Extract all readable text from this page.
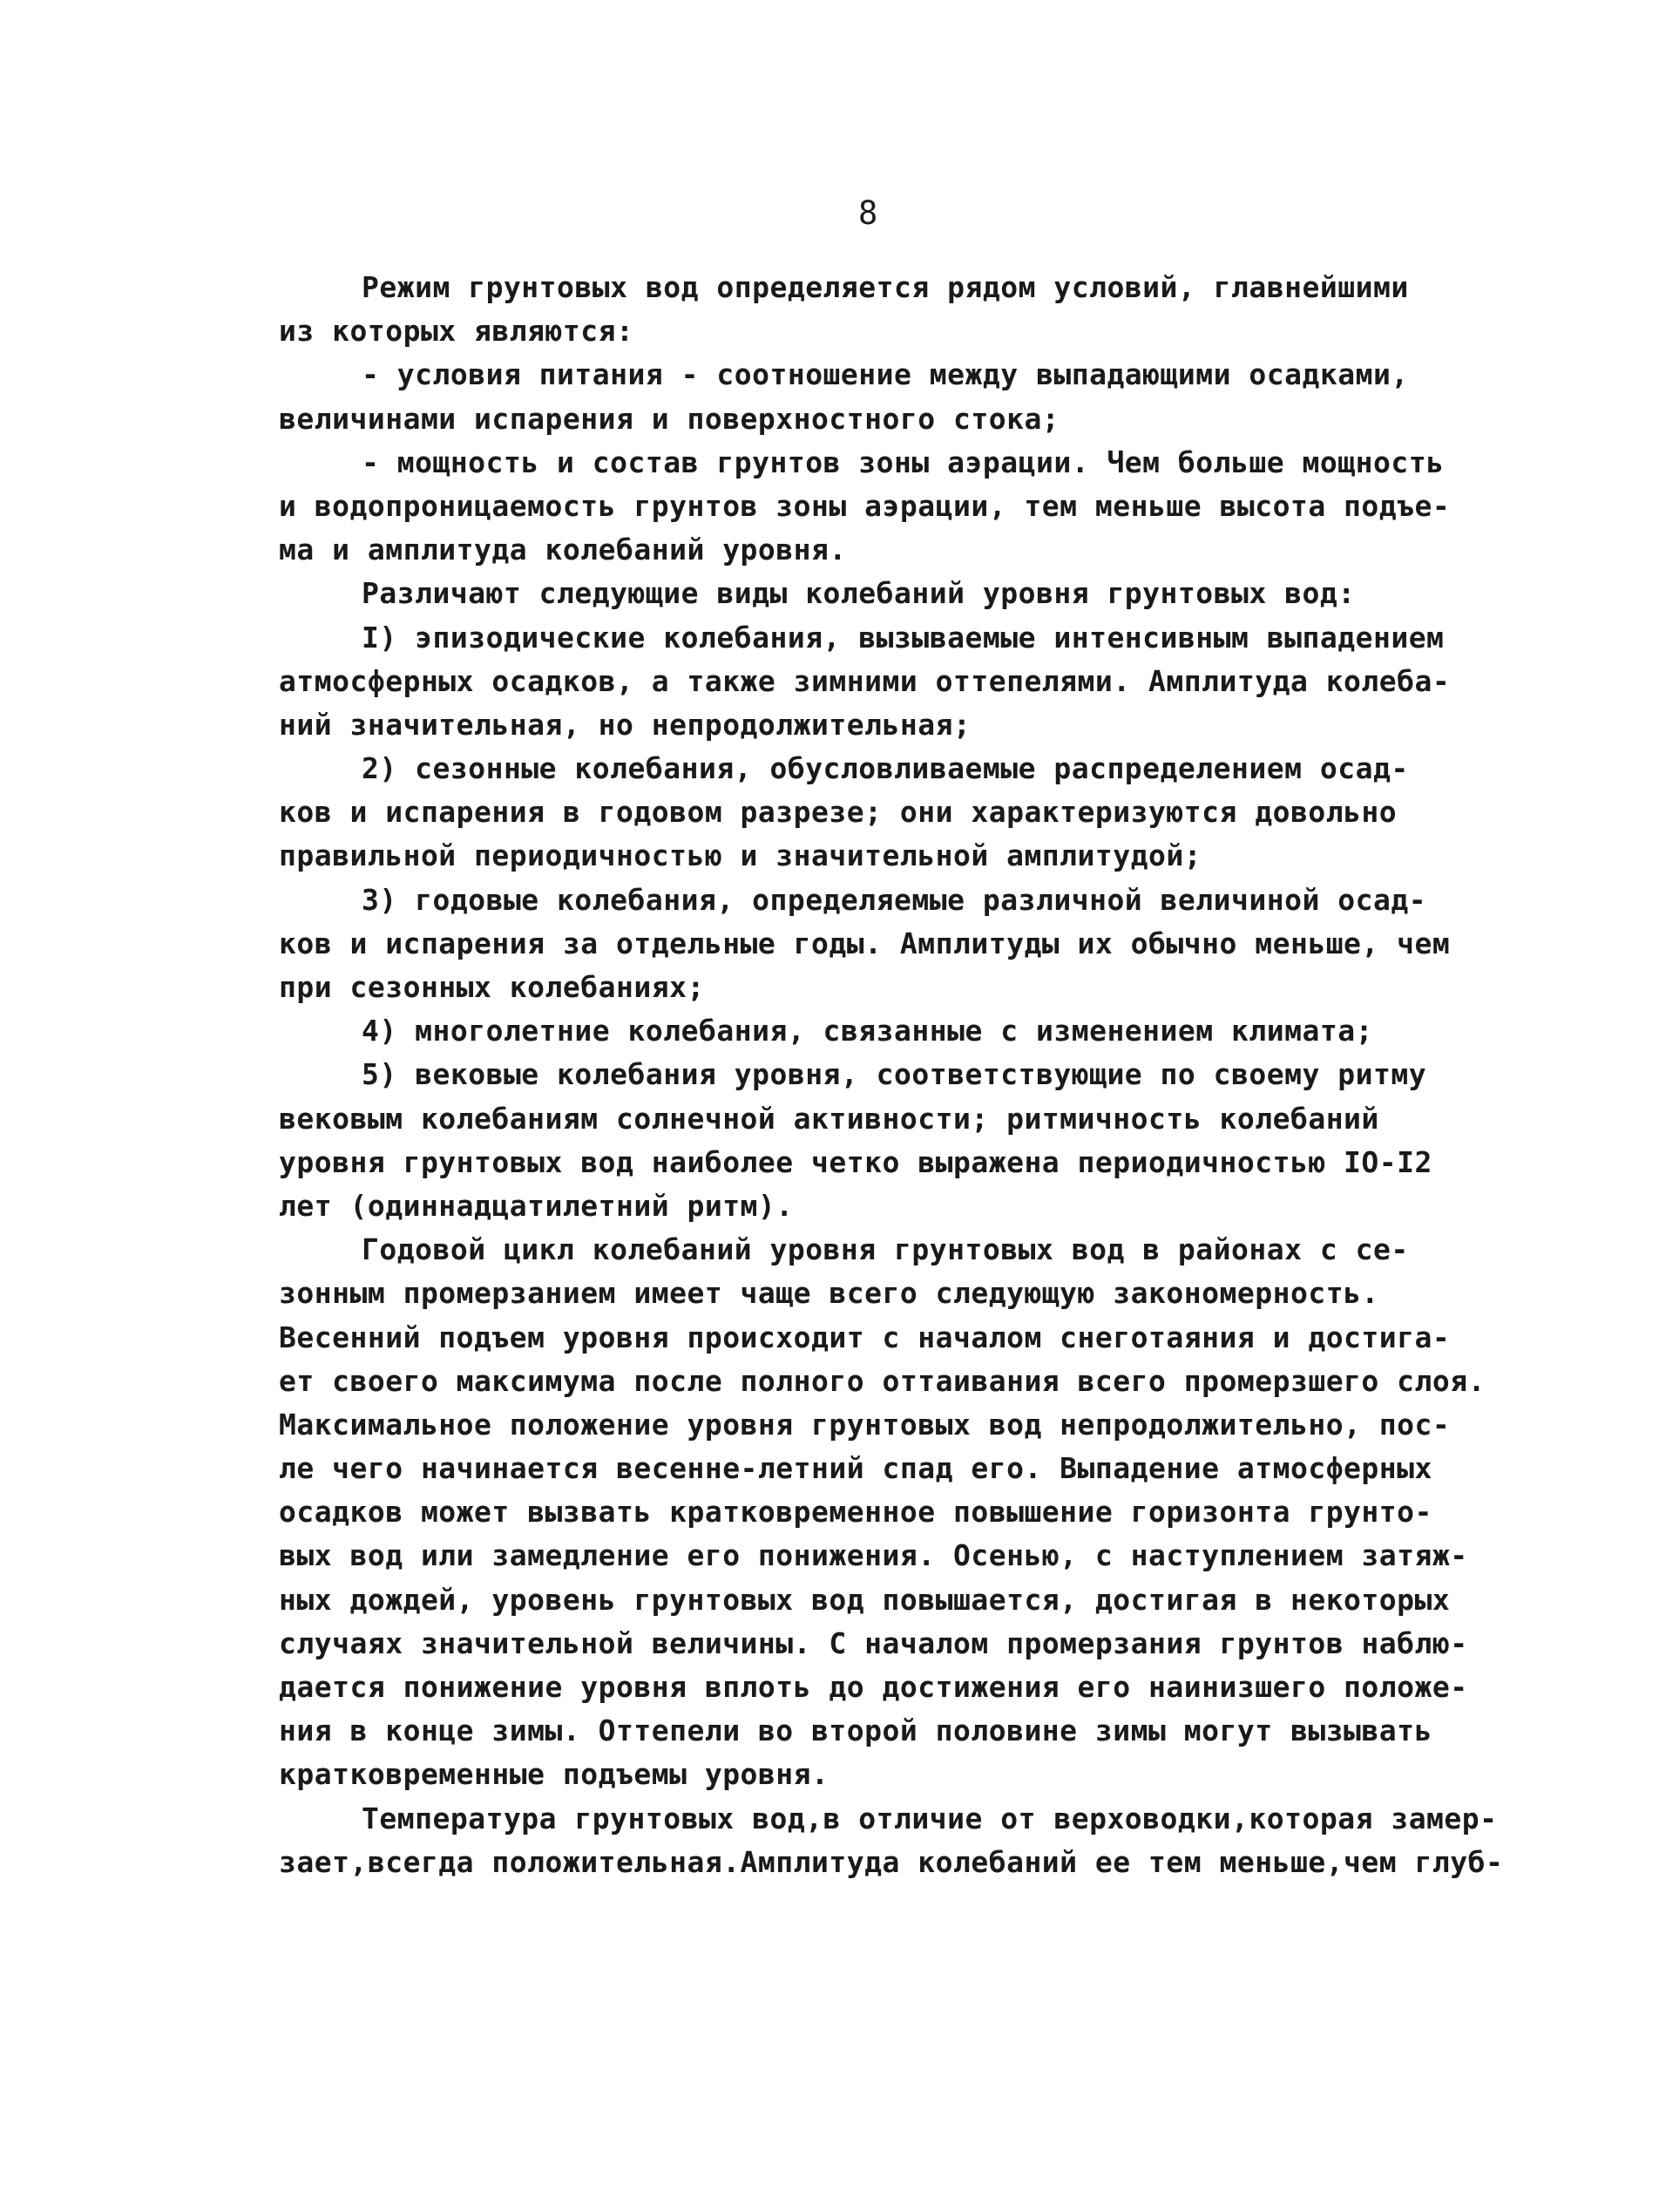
8
Режим грунтовых вод определяется рядом условий, главнейшими
из которых являются:
- условия питания - соотношение между выпадающими осадками,
величинами испарения и поверхностного стока;
- мощность и состав грунтов зоны аэрации. Чем больше мощность
и водопроницаемость грунтов зоны аэрации, тем меньше высота подъе-
ма и амплитуда колебаний уровня.
Различают следующие виды колебаний уровня грунтовых вод:
I) эпизодические колебания, вызываемые интенсивным выпадением
атмосферных осадков, а также зимними оттепелями. Амплитуда колеба-
ний значительная, но непродолжительная;
2) сезонные колебания, обусловливаемые распределением осад-
ков и испарения в годовом разрезе; они характеризуются довольно
правильной периодичностью и значительной амплитудой;
3) годовые колебания, определяемые различной величиной осад-
ков и испарения за отдельные годы. Амплитуды их обычно меньше, чем
при сезонных колебаниях;
4) многолетние колебания, связанные с изменением климата;
5) вековые колебания уровня, соответствующие по своему ритму
вековым колебаниям солнечной активности; ритмичность колебаний
уровня грунтовых вод наиболее четко выражена периодичностью IO-I2
лет (одиннадцатилетний ритм).
Годовой цикл колебаний уровня грунтовых вод в районах с се-
зонным промерзанием имеет чаще всего следующую закономерность.
Весенний подъем уровня происходит с началом снеготаяния и достига-
ет своего максимума после полного оттаивания всего промерзшего слоя.
Максимальное положение уровня грунтовых вод непродолжительно, пос-
ле чего начинается весенне-летний спад его. Выпадение атмосферных
осадков может вызвать кратковременное повышение горизонта грунто-
вых вод или замедление его понижения. Осенью, с наступлением затяж-
ных дождей, уровень грунтовых вод повышается, достигая в некоторых
случаях значительной величины. С началом промерзания грунтов наблю-
дается понижение уровня вплоть до достижения его наинизшего положе-
ния в конце зимы. Оттепели во второй половине зимы могут вызывать
кратковременные подъемы уровня.
Температура грунтовых вод,в отличие от верховодки,которая замер-
зает,всегда положительная.Амплитуда колебаний ее тем меньше,чем глуб-
